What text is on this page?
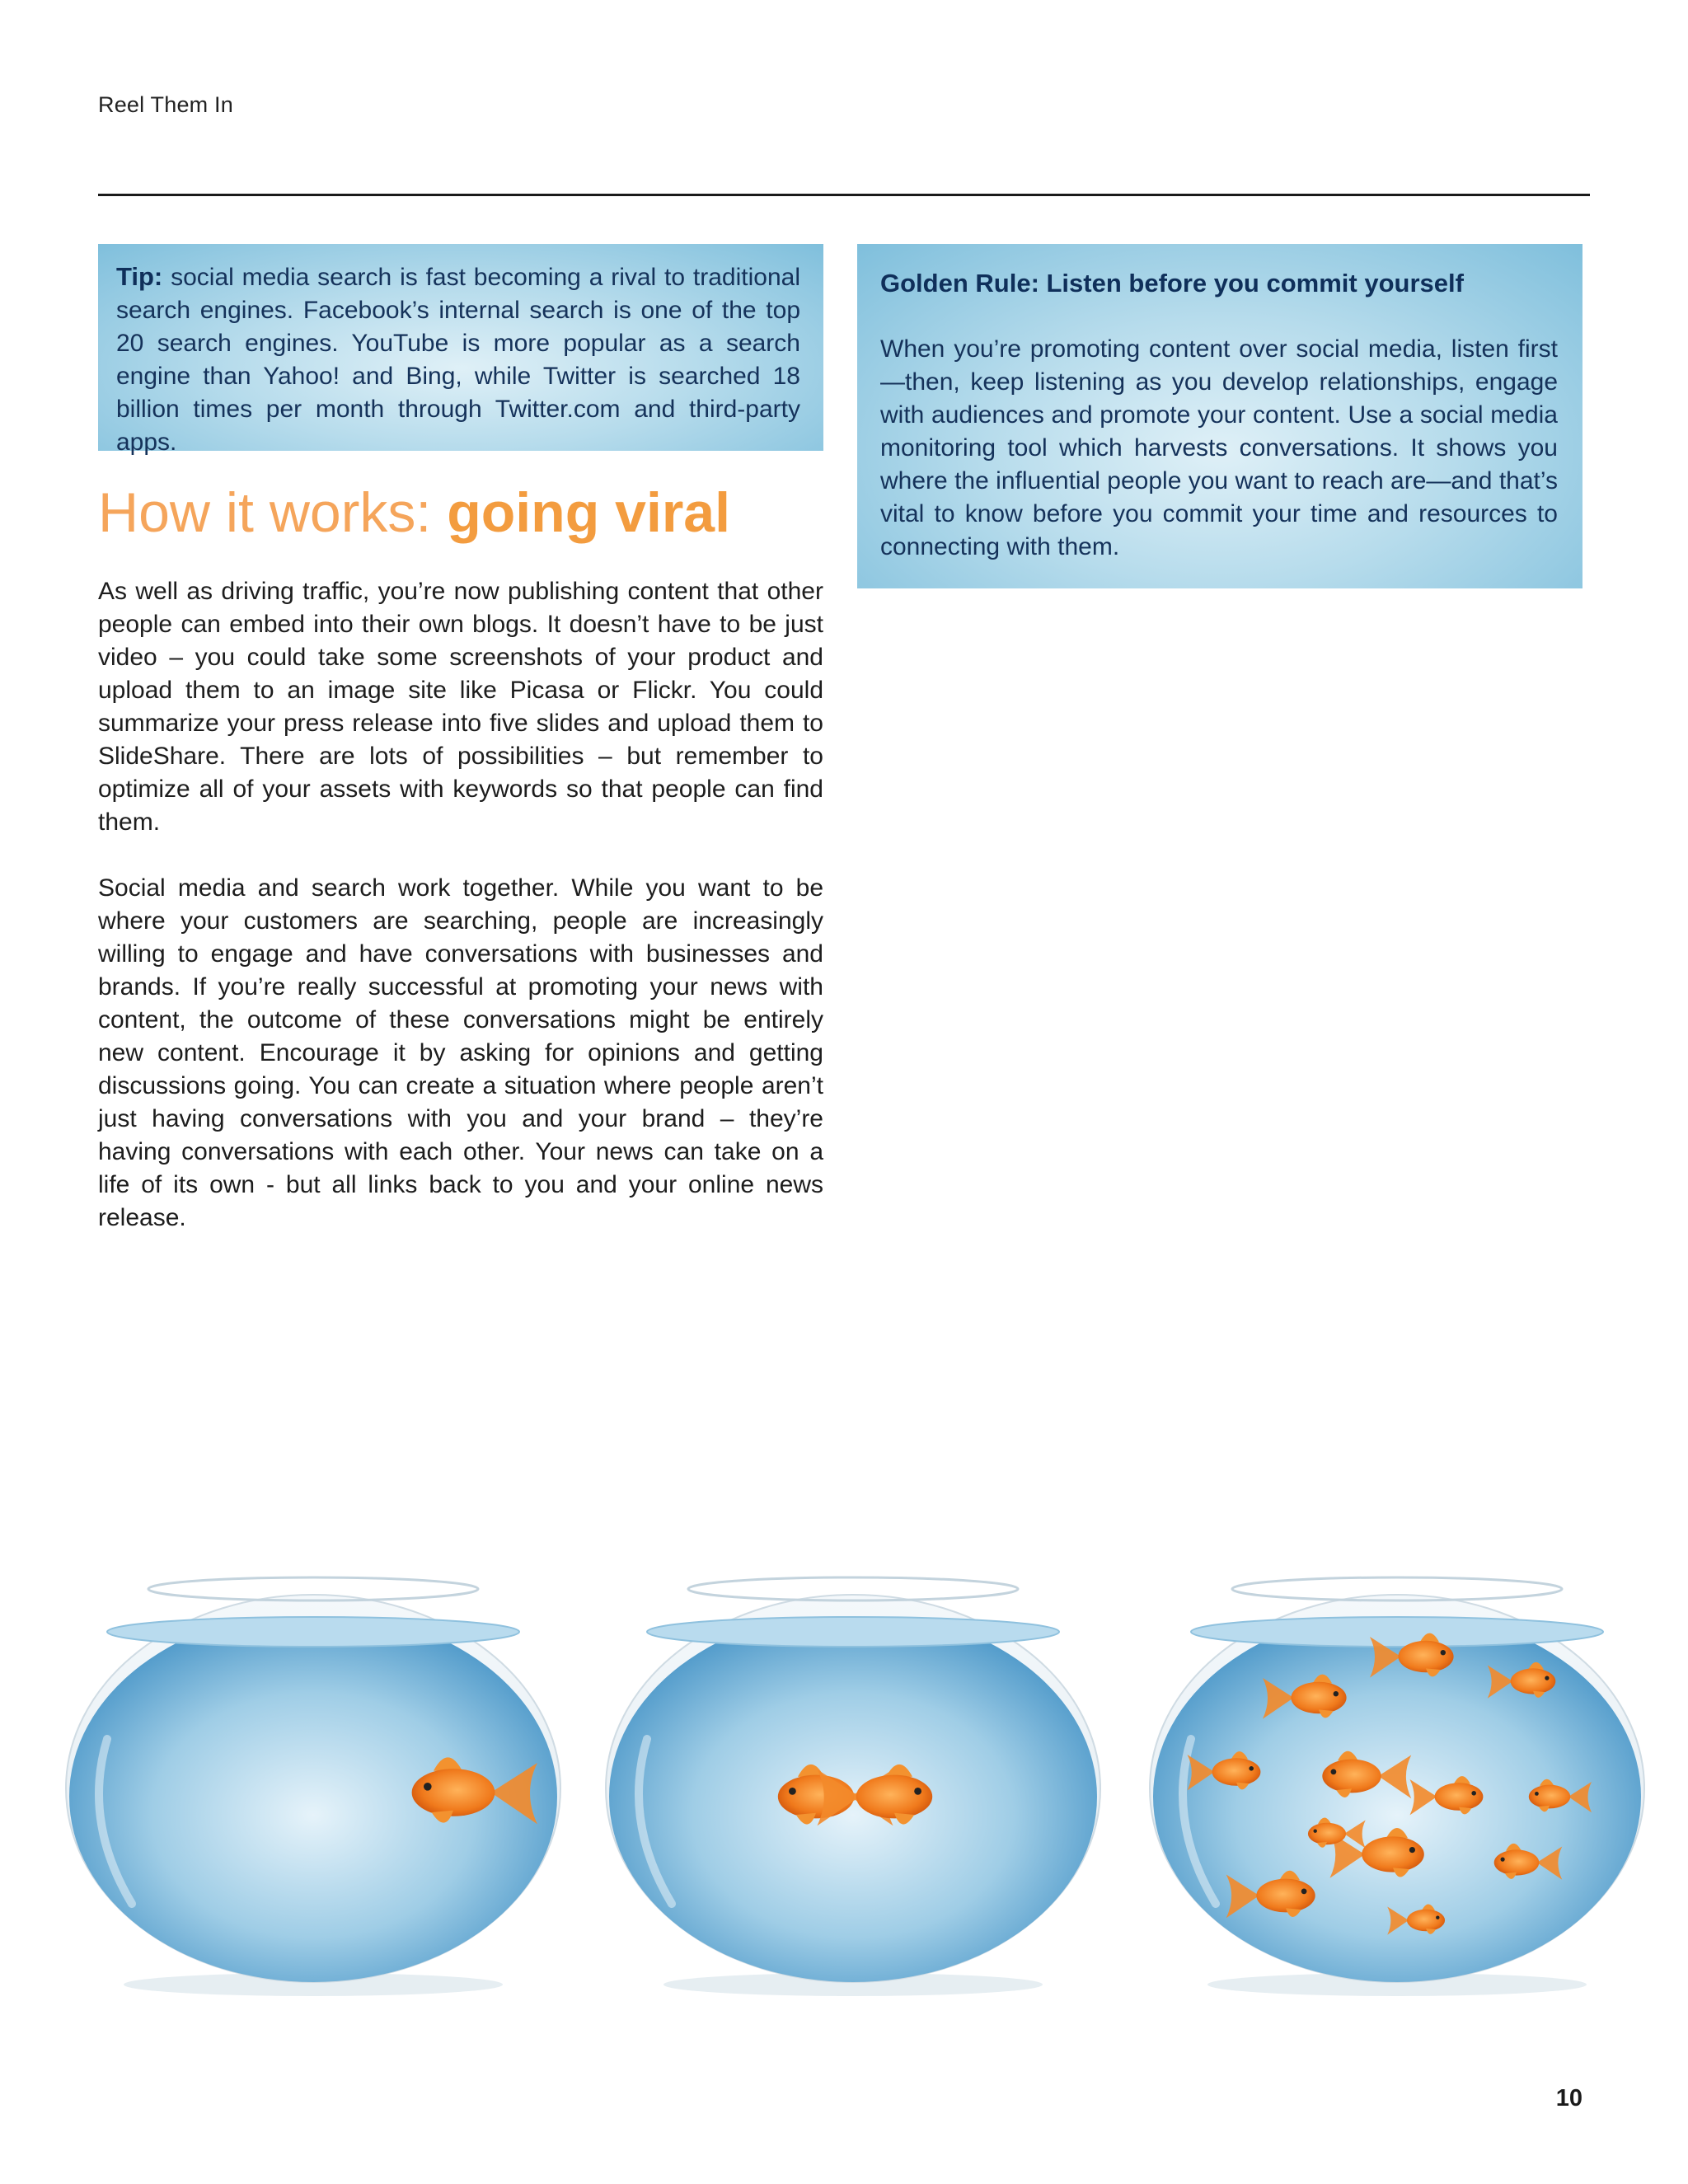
Reel Them In
Tip: social media search is fast becoming a rival to traditional search engines. Facebook’s internal search is one of the top 20 search engines. YouTube is more popular as a search engine than Yahoo! and Bing, while Twitter is searched 18 billion times per month through Twitter.com and third-party apps.
How it works: going viral

As well as driving traffic, you’re now publishing content that other people can embed into their own blogs. It doesn’t have to be just video – you could take some screenshots of your product and upload them to an image site like Picasa or Flickr. You could summarize your press release into five slides and upload them to SlideShare. There are lots of possibilities – but remember to optimize all of your assets with keywords so that people can find them.

Social media and search work together. While you want to be where your customers are searching, people are increasingly willing to engage and have conversations with businesses and brands. If you’re really successful at promoting your news with content, the outcome of these conversations might be entirely new content. Encourage it by asking for opinions and getting discussions going. You can create a situation where people aren’t just having conversations with you and your brand – they’re having conversations with each other. Your news can take on a life of its own - but all links back to you and your online news release.

Golden Rule: Listen before you commit yourself
When you’re promoting content over social media, listen first—then, keep listening as you develop relationships, engage with audiences and promote your content. Use a social media monitoring tool which harvests conversations. It shows you where the influential people you want to reach are—and that’s vital to know before you commit your time and resources to connecting with them.
10
